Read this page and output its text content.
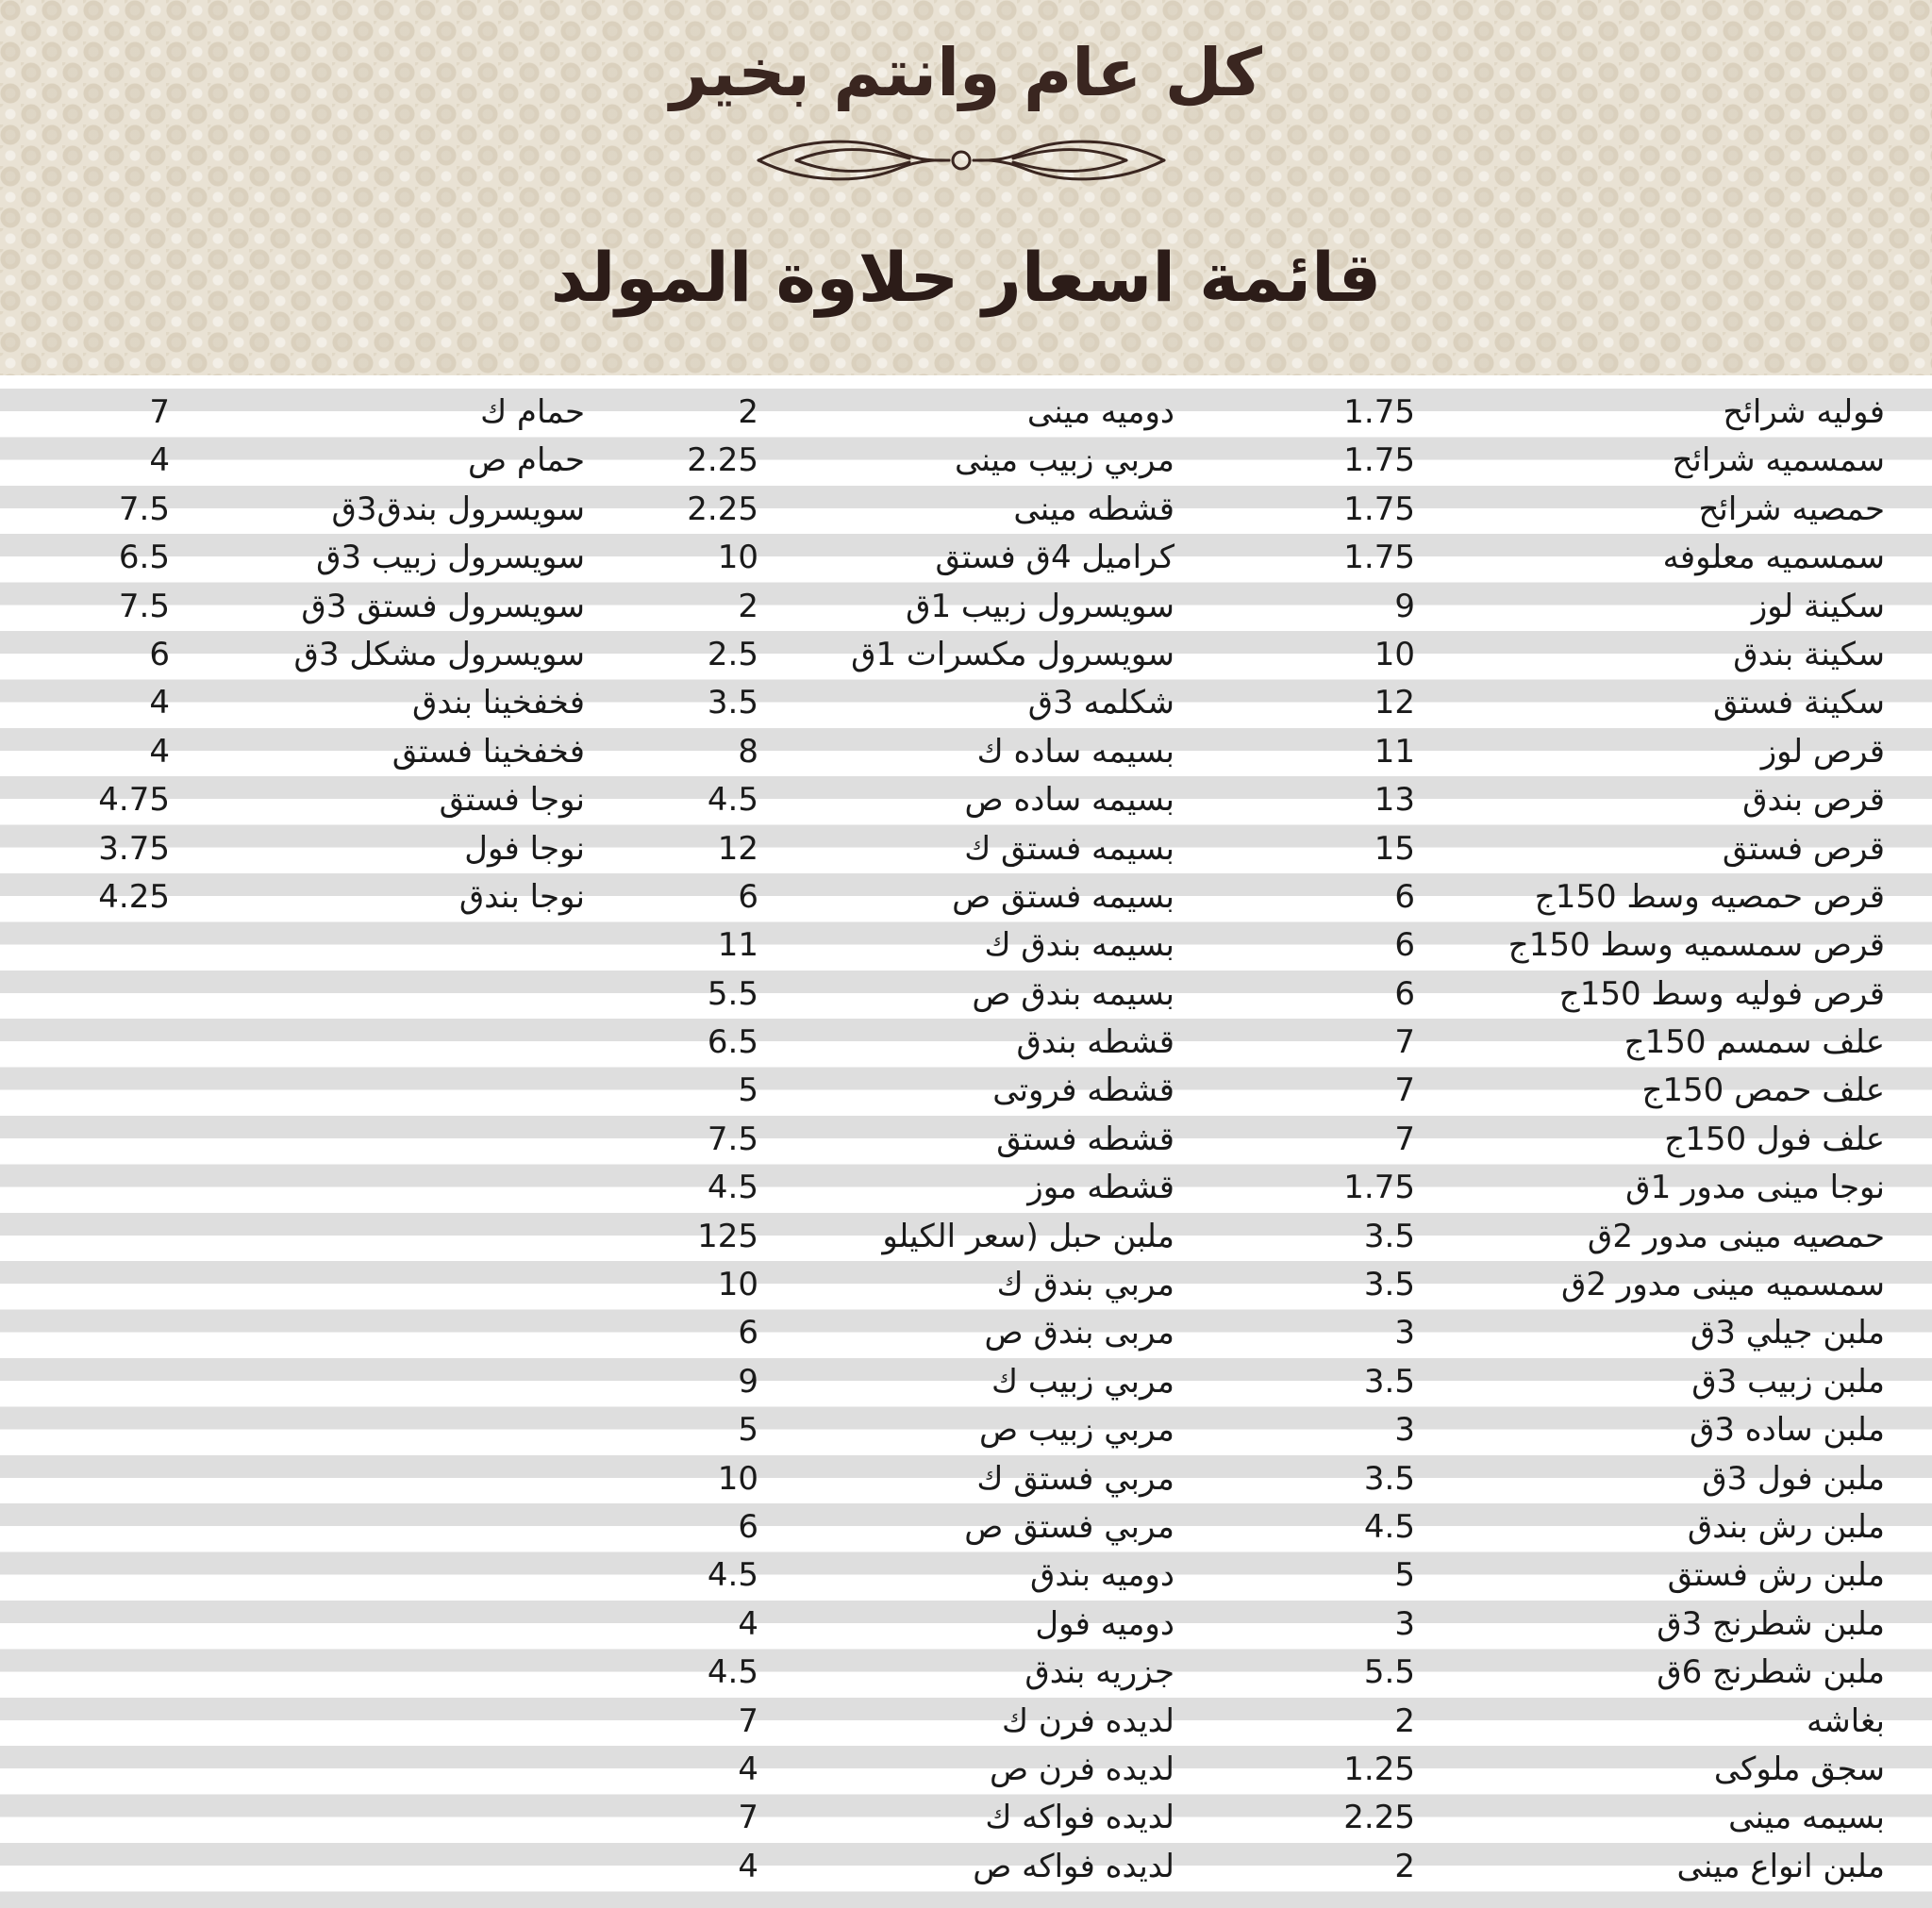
كل عام وانتم بخير
قائمة اسعار حلاوة المولد
فوليه شرائح
1.75
سمسميه شرائح
1.75
حمصيه شرائح
1.75
سمسميه معلوفه
1.75
سكينة لوز
9
سكينة بندق
10
سكينة فستق
12
قرص لوز
11
قرص بندق
13
قرص فستق
15
قرص حمصيه وسط 150ج
6
قرص سمسميه وسط 150ج
6
قرص فوليه وسط 150ج
6
علف سمسم 150ج
7
علف حمص 150ج
7
علف فول 150ج
7
نوجا مينى مدور 1ق
1.75
حمصيه مينى مدور 2ق
3.5
سمسميه مينى مدور 2ق
3.5
ملبن جيلي 3ق
3
ملبن زبيب 3ق
3.5
ملبن ساده 3ق
3
ملبن فول 3ق
3.5
ملبن رش بندق
4.5
ملبن رش فستق
5
ملبن شطرنج 3ق
3
ملبن شطرنج 6ق
5.5
بغاشه
2
سجق ملوكى
1.25
بسيمه مينى
2.25
ملبن انواع مينى
2
دوميه مينى
2
مربي زبيب مينى
2.25
قشطه مينى
2.25
كراميل 4ق فستق
10
سويسرول زبيب 1ق
2
سويسرول مكسرات 1ق
2.5
شكلمه 3ق
3.5
بسيمه ساده ك
8
بسيمه ساده ص
4.5
بسيمه فستق ك
12
بسيمه فستق ص
6
بسيمه بندق ك
11
بسيمه بندق ص
5.5
قشطه بندق
6.5
قشطه فروتى
5
قشطه فستق
7.5
قشطه موز
4.5
ملبن حبل (سعر الكيلو
125
مربي بندق ك
10
مربى بندق ص
6
مربي زبيب ك
9
مربي زبيب ص
5
مربي فستق ك
10
مربي فستق ص
6
دوميه بندق
4.5
دوميه فول
4
جزريه بندق
4.5
لديده فرن ك
7
لديده فرن ص
4
لديده فواكه ك
7
لديده فواكه ص
4
حمام ك
7
حمام ص
4
سويسرول بندق3ق
7.5
سويسرول زبيب 3ق
6.5
سويسرول فستق 3ق
7.5
سويسرول مشكل 3ق
6
فخفخينا بندق
4
فخفخينا فستق
4
نوجا فستق
4.75
نوجا فول
3.75
نوجا بندق
4.25
